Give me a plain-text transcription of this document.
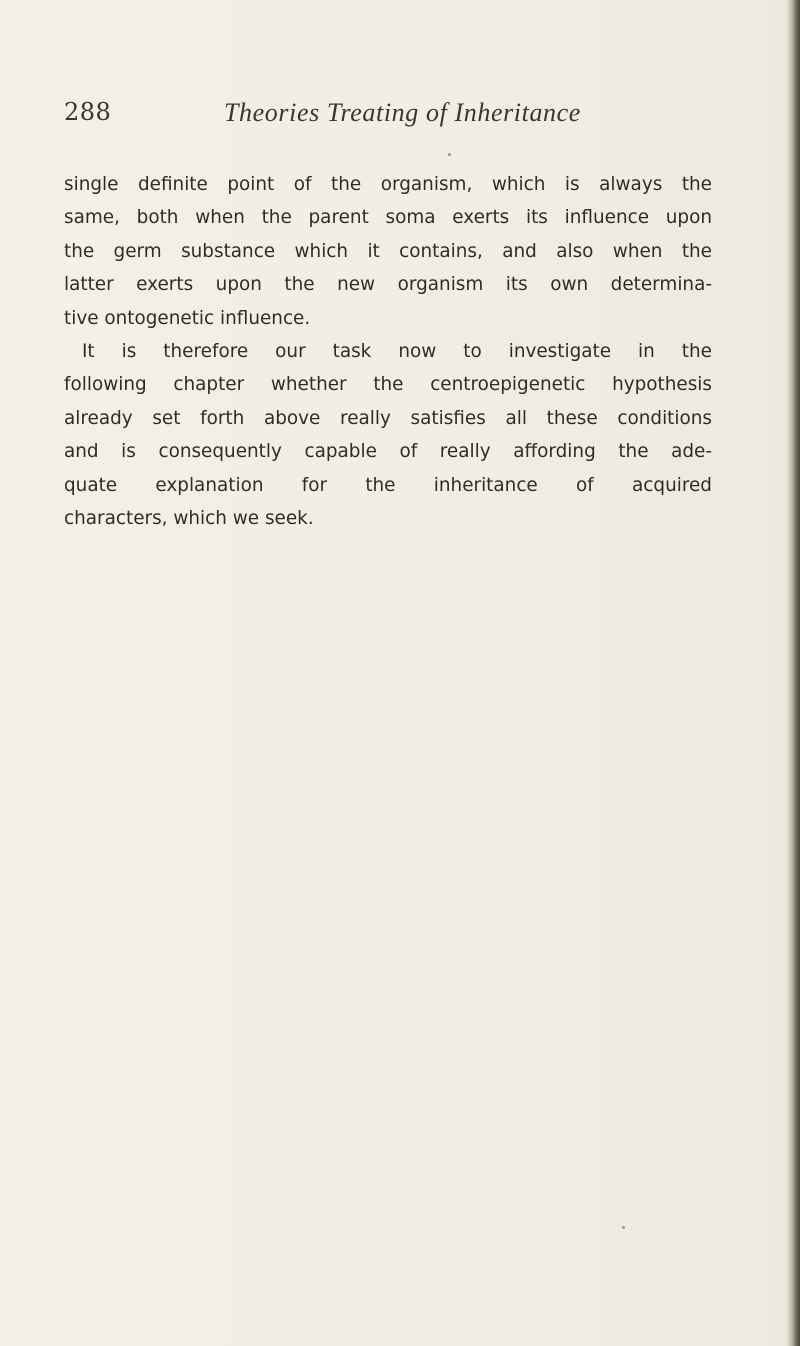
288	Theories Treating of Inheritance
single definite point of the organism, which is always the
same, both when the parent soma exerts its influence upon
the germ substance which it contains, and also when the
latter exerts upon the new organism its own determina-
tive ontogenetic influence.
It is therefore our task now to investigate in the
following chapter whether the centroepigenetic hypothesis
already set forth above really satisfies all these conditions
and is consequently capable of really affording the ade-
quate explanation for the inheritance of acquired
characters, which we seek.
